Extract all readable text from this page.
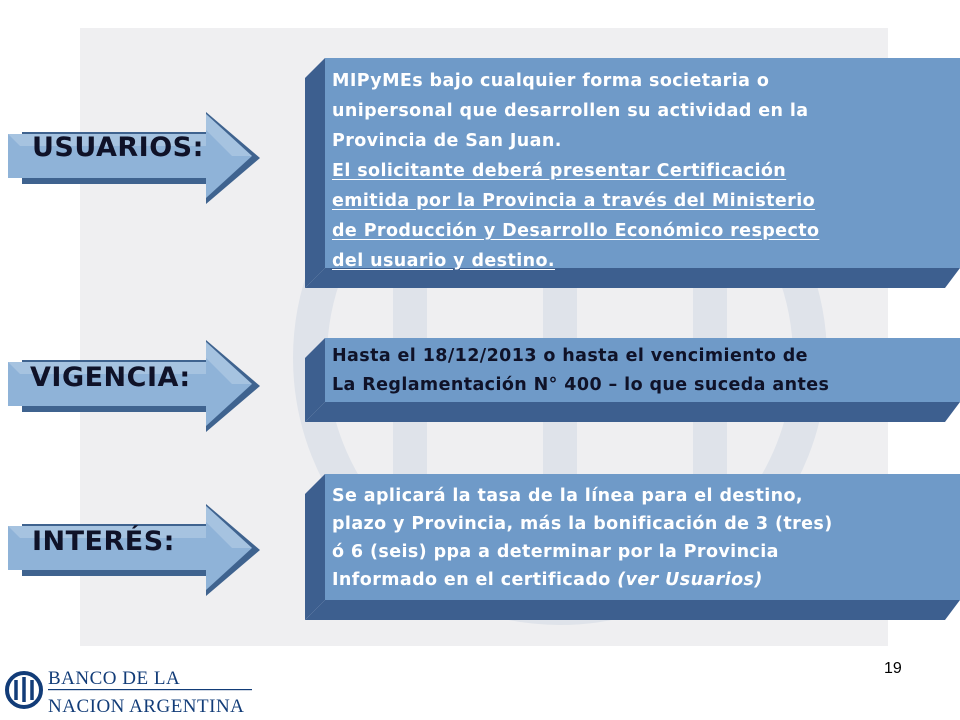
USUARIOS:
MIPyMEs bajo cualquier forma societaria o
unipersonal que desarrollen su actividad en la
Provincia de San Juan.
El solicitante deberá presentar Certificación
emitida por la Provincia a través del Ministerio
de Producción y Desarrollo Económico respecto
del usuario y destino.
VIGENCIA:
Hasta el 18/12/2013 o hasta el vencimiento de
La Reglamentación N° 400 – lo que suceda antes
INTERÉS:
Se aplicará la tasa de la línea para el destino,
plazo y Provincia, más la bonificación de 3 (tres)
ó 6 (seis) ppa a determinar por la Provincia
Informado en el certificado (ver Usuarios)
BANCO DE LA
NACION ARGENTINA
19
